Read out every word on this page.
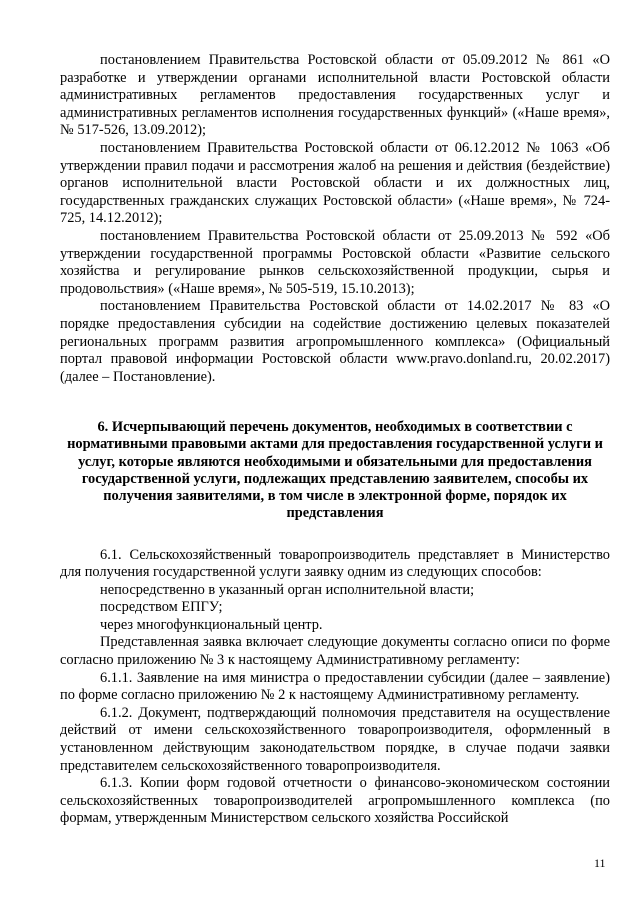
постановлением Правительства Ростовской области от 05.09.2012 № 861 «О разработке и утверждении органами исполнительной власти Ростовской области административных регламентов предоставления государственных услуг и административных регламентов исполнения государственных функций» («Наше время», № 517-526, 13.09.2012);

постановлением Правительства Ростовской области от 06.12.2012 № 1063 «Об утверждении правил подачи и рассмотрения жалоб на решения и действия (бездействие) органов исполнительной власти Ростовской области и их должностных лиц, государственных гражданских служащих Ростовской области» («Наше время», № 724-725, 14.12.2012);

постановлением Правительства Ростовской области от 25.09.2013 № 592 «Об утверждении государственной программы Ростовской области «Развитие сельского хозяйства и регулирование рынков сельскохозяйственной продукции, сырья и продовольствия» («Наше время», № 505-519, 15.10.2013);

постановлением Правительства Ростовской области от 14.02.2017 № 83 «О порядке предоставления субсидии на содействие достижению целевых показателей региональных программ развития агропромышленного комплекса» (Официальный портал правовой информации Ростовской области www.pravo.donland.ru, 20.02.2017) (далее – Постановление).

6. Исчерпывающий перечень документов, необходимых в соответствии с нормативными правовыми актами для предоставления государственной услуги и услуг, которые являются необходимыми и обязательными для предоставления государственной услуги, подлежащих представлению заявителем, способы их получения заявителями, в том числе в электронной форме, порядок их представления

6.1. Сельскохозяйственный товаропроизводитель представляет в Министерство для получения государственной услуги заявку одним из следующих способов:

непосредственно в указанный орган исполнительной власти;

посредством ЕПГУ;

через многофункциональный центр.

Представленная заявка включает следующие документы согласно описи по форме согласно приложению № 3 к настоящему Административному регламенту:

6.1.1. Заявление на имя министра о предоставлении субсидии (далее – заявление) по форме согласно приложению № 2 к настоящему Административному регламенту.

6.1.2. Документ, подтверждающий полномочия представителя на осуществление действий от имени сельскохозяйственного товаропроизводителя, оформленный в установленном действующим законодательством порядке, в случае подачи заявки представителем сельскохозяйственного товаропроизводителя.

6.1.3. Копии форм годовой отчетности о финансово-экономическом состоянии сельскохозяйственных товаропроизводителей агропромышленного комплекса (по формам, утвержденным Министерством сельского хозяйства Российской

11
